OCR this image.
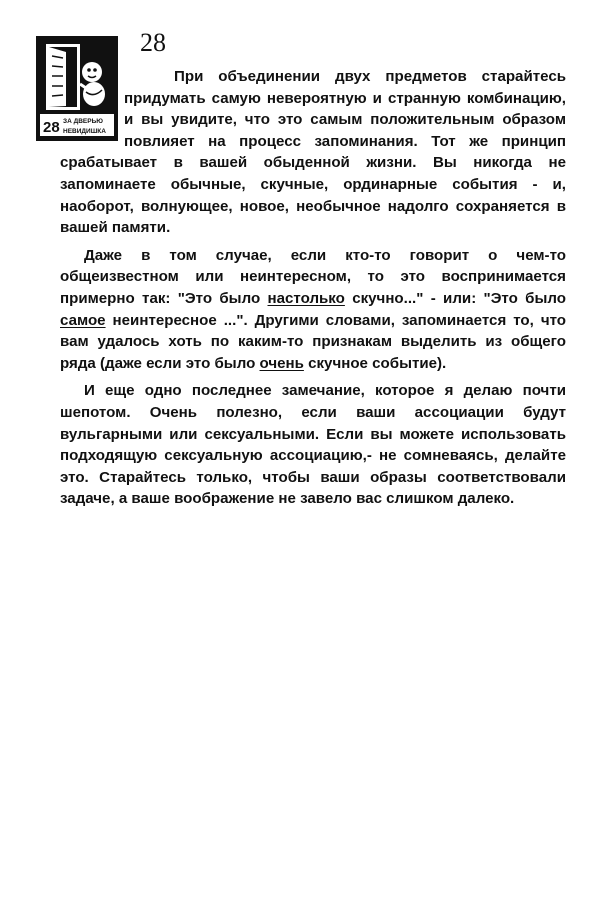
28
28 ЗА ДВЕРЬЮ
НЕВИДИШКА

При объединении двух предметов старайтесь придумать самую невероятную и странную комбинацию, и вы увидите, что это самым положительным образом повлияет на процесс запоминания. Тот же принцип срабатывает в вашей обыденной жизни. Вы никогда не запоминаете обычные, скучные, ординарные события - и, наоборот, волнующее, новое, необычное надолго сохраняется в вашей памяти.

Даже в том случае, если кто-то говорит о чем-то общеизвестном или неинтересном, то это воспринимается примерно так: "Это было настолько скучно..." - или: "Это было самое неинтересное ...". Другими словами, запоминается то, что вам удалось хоть по каким-то признакам выделить из общего ряда (даже если это было очень скучное событие).

И еще одно последнее замечание, которое я делаю почти шепотом. Очень полезно, если ваши ассоциации будут вульгарными или сексуальными. Если вы можете использовать подходящую сексуальную ассоциацию,- не сомневаясь, делайте это. Старайтесь только, чтобы ваши образы соответствовали задаче, а ваше воображение не завело вас слишком далеко.
